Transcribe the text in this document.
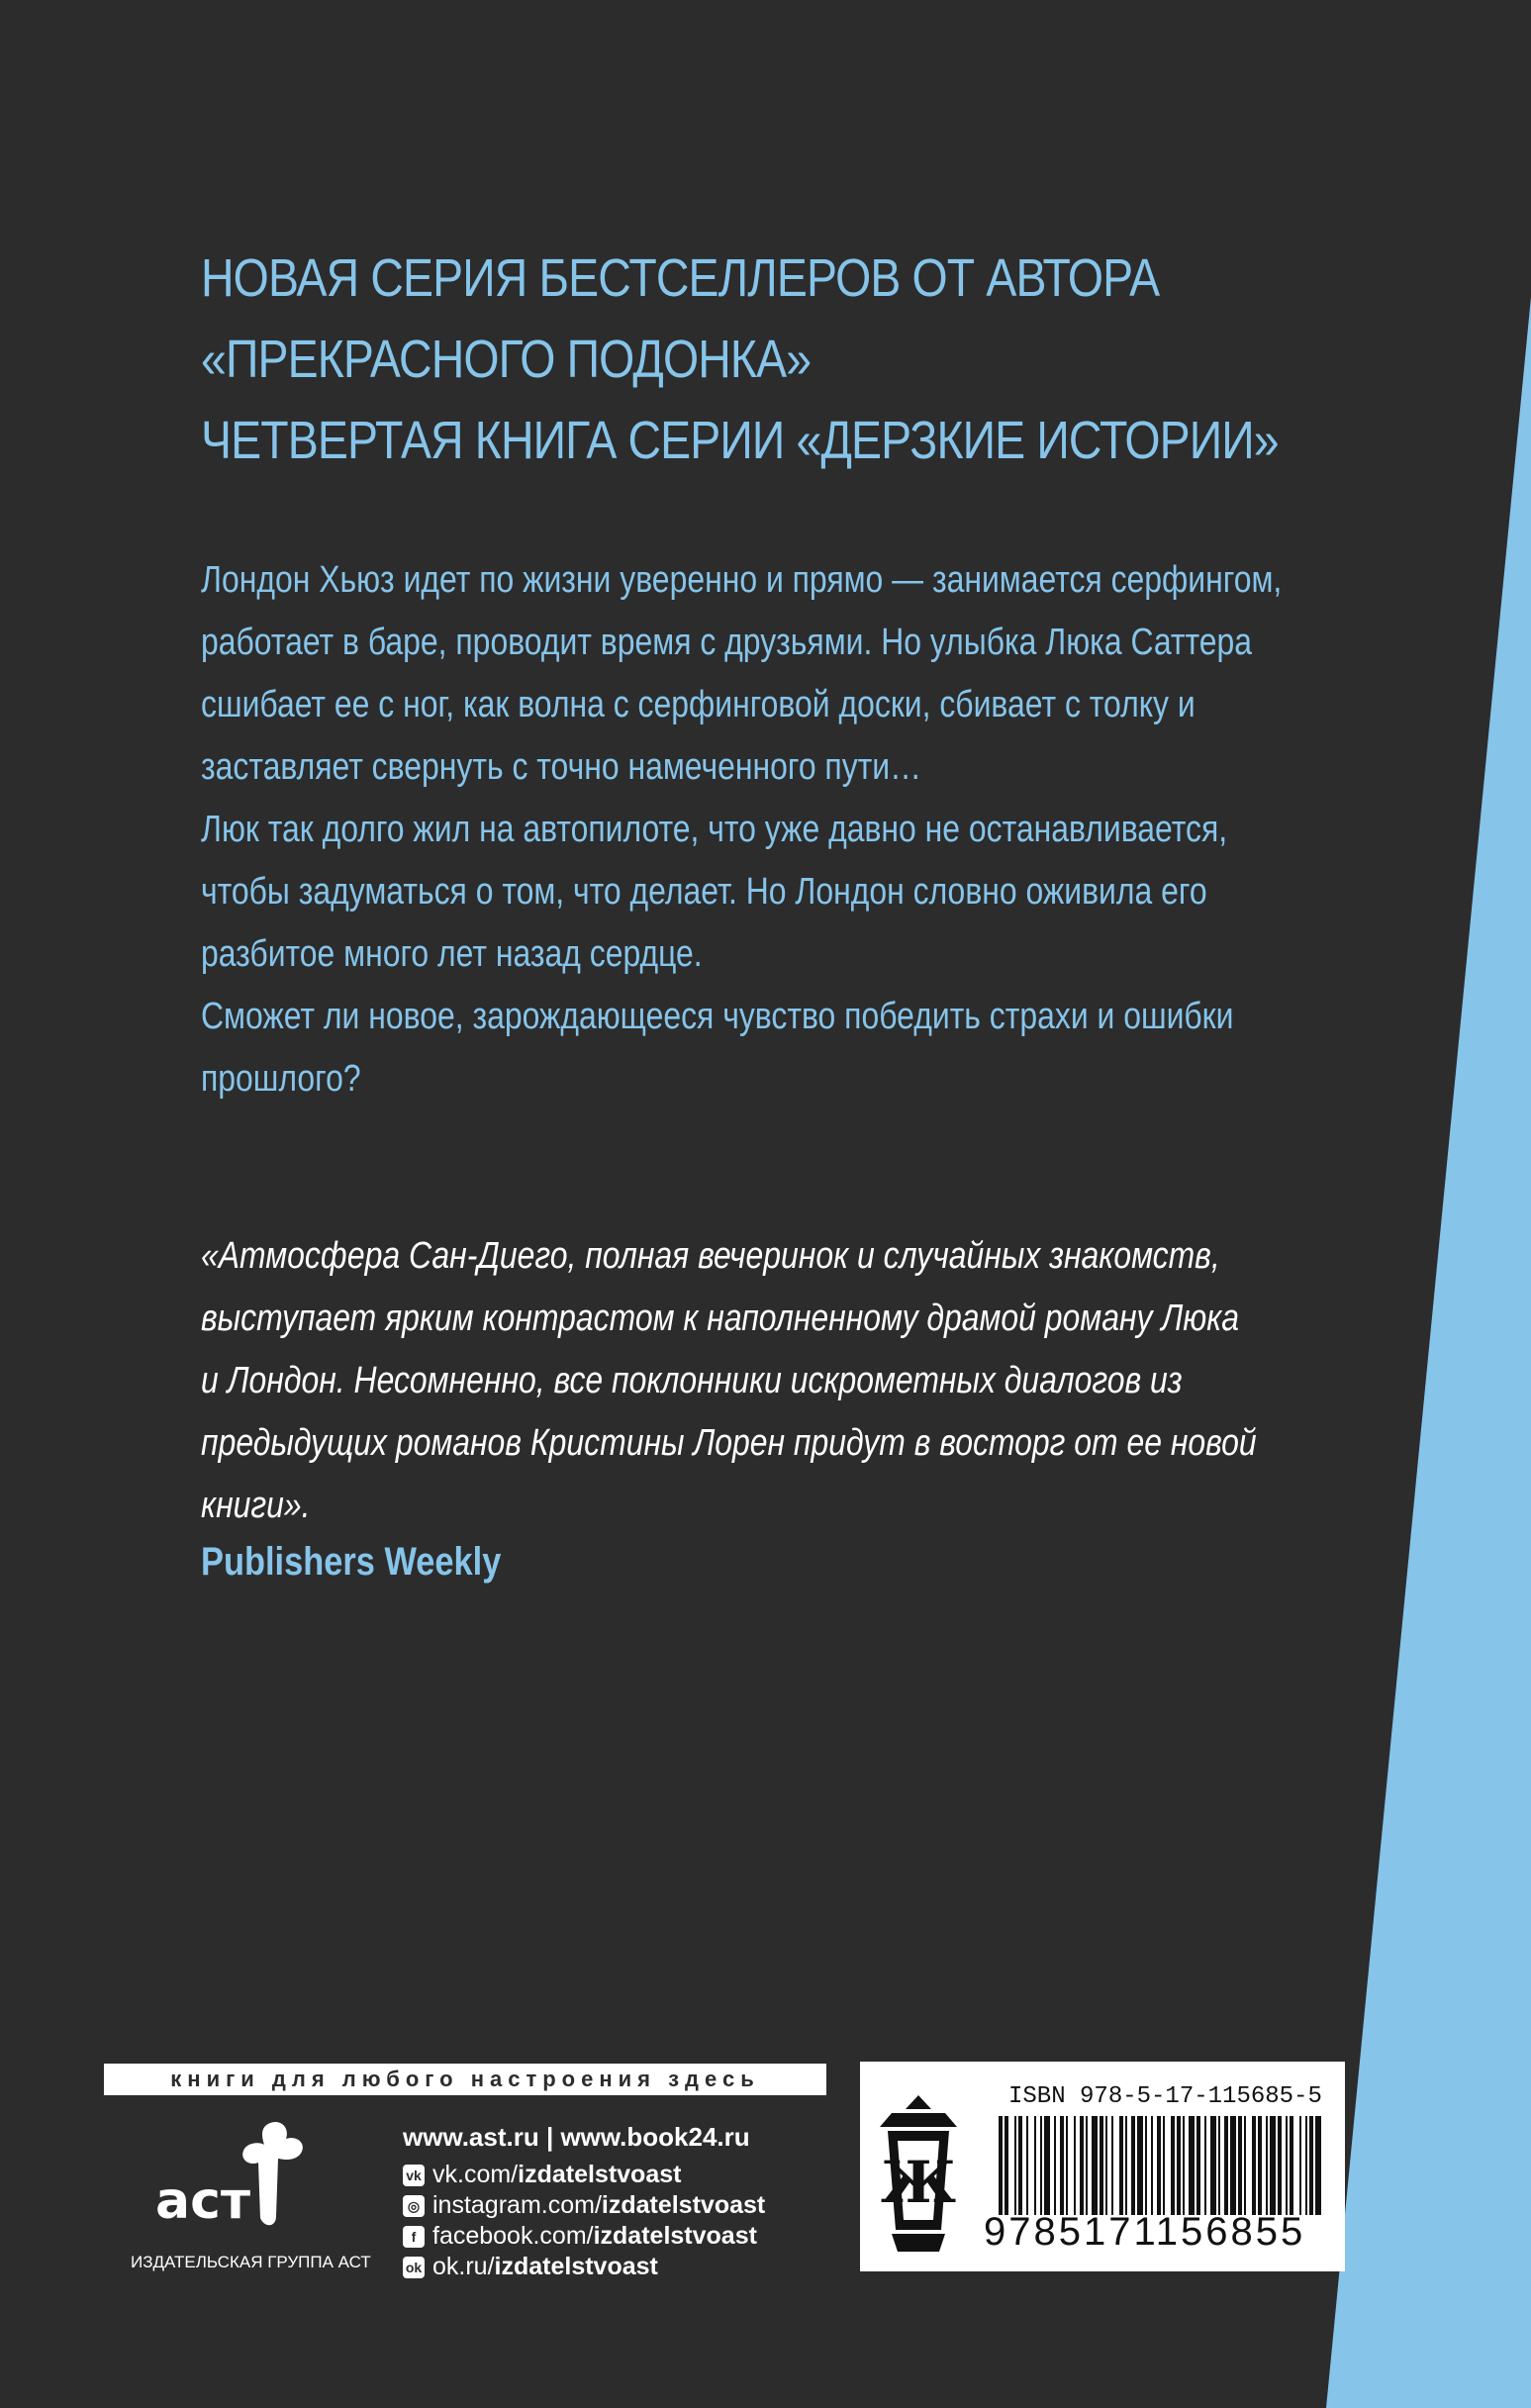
НОВАЯ СЕРИЯ БЕСТСЕЛЛЕРОВ ОТ АВТОРА
«ПРЕКРАСНОГО ПОДОНКА»
ЧЕТВЕРТАЯ КНИГА СЕРИИ «ДЕРЗКИЕ ИСТОРИИ»
Лондон Хьюз идет по жизни уверенно и прямо — занимается серфингом,
работает в баре, проводит время с друзьями. Но улыбка Люка Саттера
сшибает ее с ног, как волна с серфинговой доски, сбивает с толку и
заставляет свернуть с точно намеченного пути…
Люк так долго жил на автопилоте, что уже давно не останавливается,
чтобы задуматься о том, что делает. Но Лондон словно оживила его
разбитое много лет назад сердце.
Сможет ли новое, зарождающееся чувство победить страхи и ошибки
прошлого?
«Атмосфера Сан-Диего, полная вечеринок и случайных знакомств,
выступает ярким контрастом к наполненному драмой роману Люка
и Лондон. Несомненно, все поклонники искрометных диалогов из
предыдущих романов Кристины Лорен придут в восторг от ее новой
книги».
Publishers Weekly
книги для любого настроения здесь
аст
ИЗДАТЕЛЬСКАЯ ГРУППА АСТ
www.ast.ru | www.book24.ru
vk vk.com/ izdatelstvoast
◎ instagram.com/ izdatelstvoast
f facebook.com/ izdatelstvoast
ok ok.ru/ izdatelstvoast
Ж
ISBN 978-5-17-115685-5
9785171156855
